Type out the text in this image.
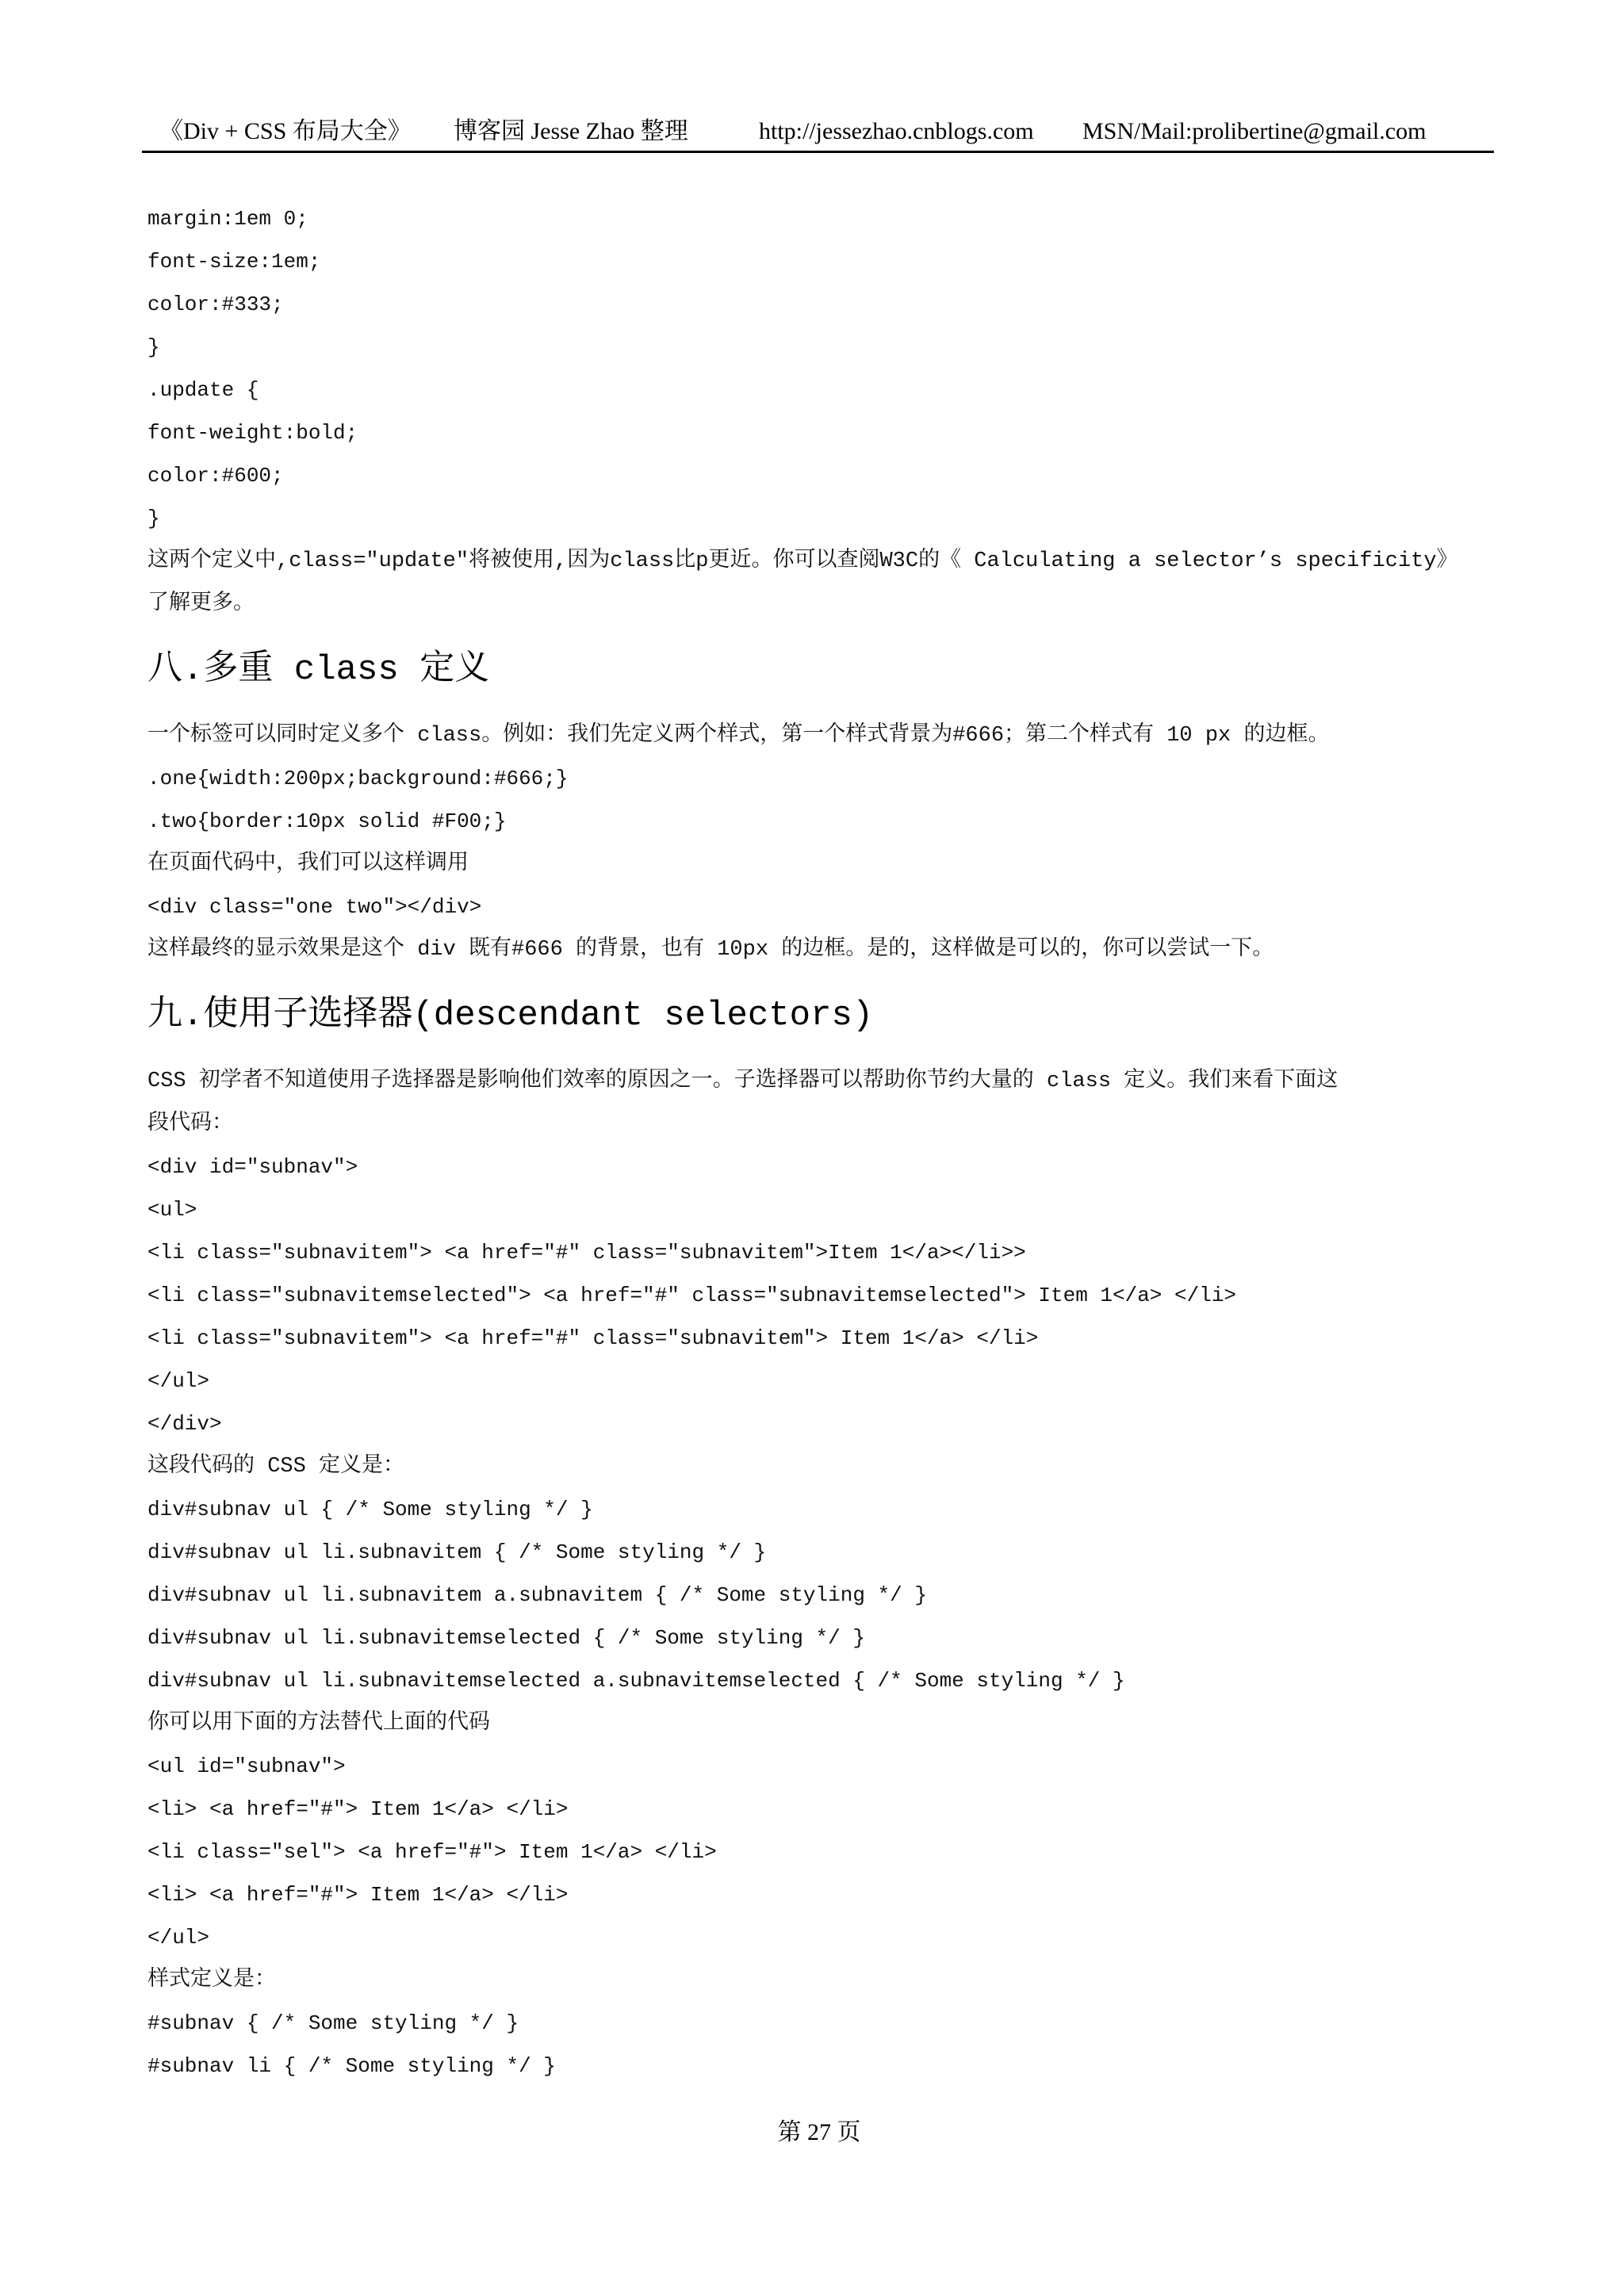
《Div + CSS 布局大全》 博客园 Jesse Zhao 整理	http://jessezhao.cnblogs.com MSN/Mail:prolibertine@gmail.com
margin:1em 0;
font-size:1em;
color:#333;
}
.update {
font-weight:bold;
color:#600;
}
这两个定义中,class="update"将被使用,因为class比p更近。你可以查阅W3C的《 Calculating a selector’s specificity》
了解更多。
八.多重 class 定义
一个标签可以同时定义多个 class。例如：我们先定义两个样式，第一个样式背景为#666；第二个样式有 10 px 的边框。
.one{width:200px;background:#666;}
.two{border:10px solid #F00;}
在页面代码中，我们可以这样调用
<div class="one two"></div>
这样最终的显示效果是这个 div 既有#666 的背景，也有 10px 的边框。是的，这样做是可以的，你可以尝试一下。
九.使用子选择器(descendant selectors)
CSS 初学者不知道使用子选择器是影响他们效率的原因之一。子选择器可以帮助你节约大量的 class 定义。我们来看下面这
段代码：
<div id="subnav">
<ul>
<li class="subnavitem"> <a href="#" class="subnavitem">Item 1</a></li>>
<li class="subnavitemselected"> <a href="#" class="subnavitemselected"> Item 1</a> </li>
<li class="subnavitem"> <a href="#" class="subnavitem"> Item 1</a> </li>
</ul>
</div>
这段代码的 CSS 定义是：
div#subnav ul { /* Some styling */ }
div#subnav ul li.subnavitem { /* Some styling */ }
div#subnav ul li.subnavitem a.subnavitem { /* Some styling */ }
div#subnav ul li.subnavitemselected { /* Some styling */ }
div#subnav ul li.subnavitemselected a.subnavitemselected { /* Some styling */ }
你可以用下面的方法替代上面的代码
<ul id="subnav">
<li> <a href="#"> Item 1</a> </li>
<li class="sel"> <a href="#"> Item 1</a> </li>
<li> <a href="#"> Item 1</a> </li>
</ul>
样式定义是：
#subnav { /* Some styling */ }
#subnav li { /* Some styling */ }
第 27 页
